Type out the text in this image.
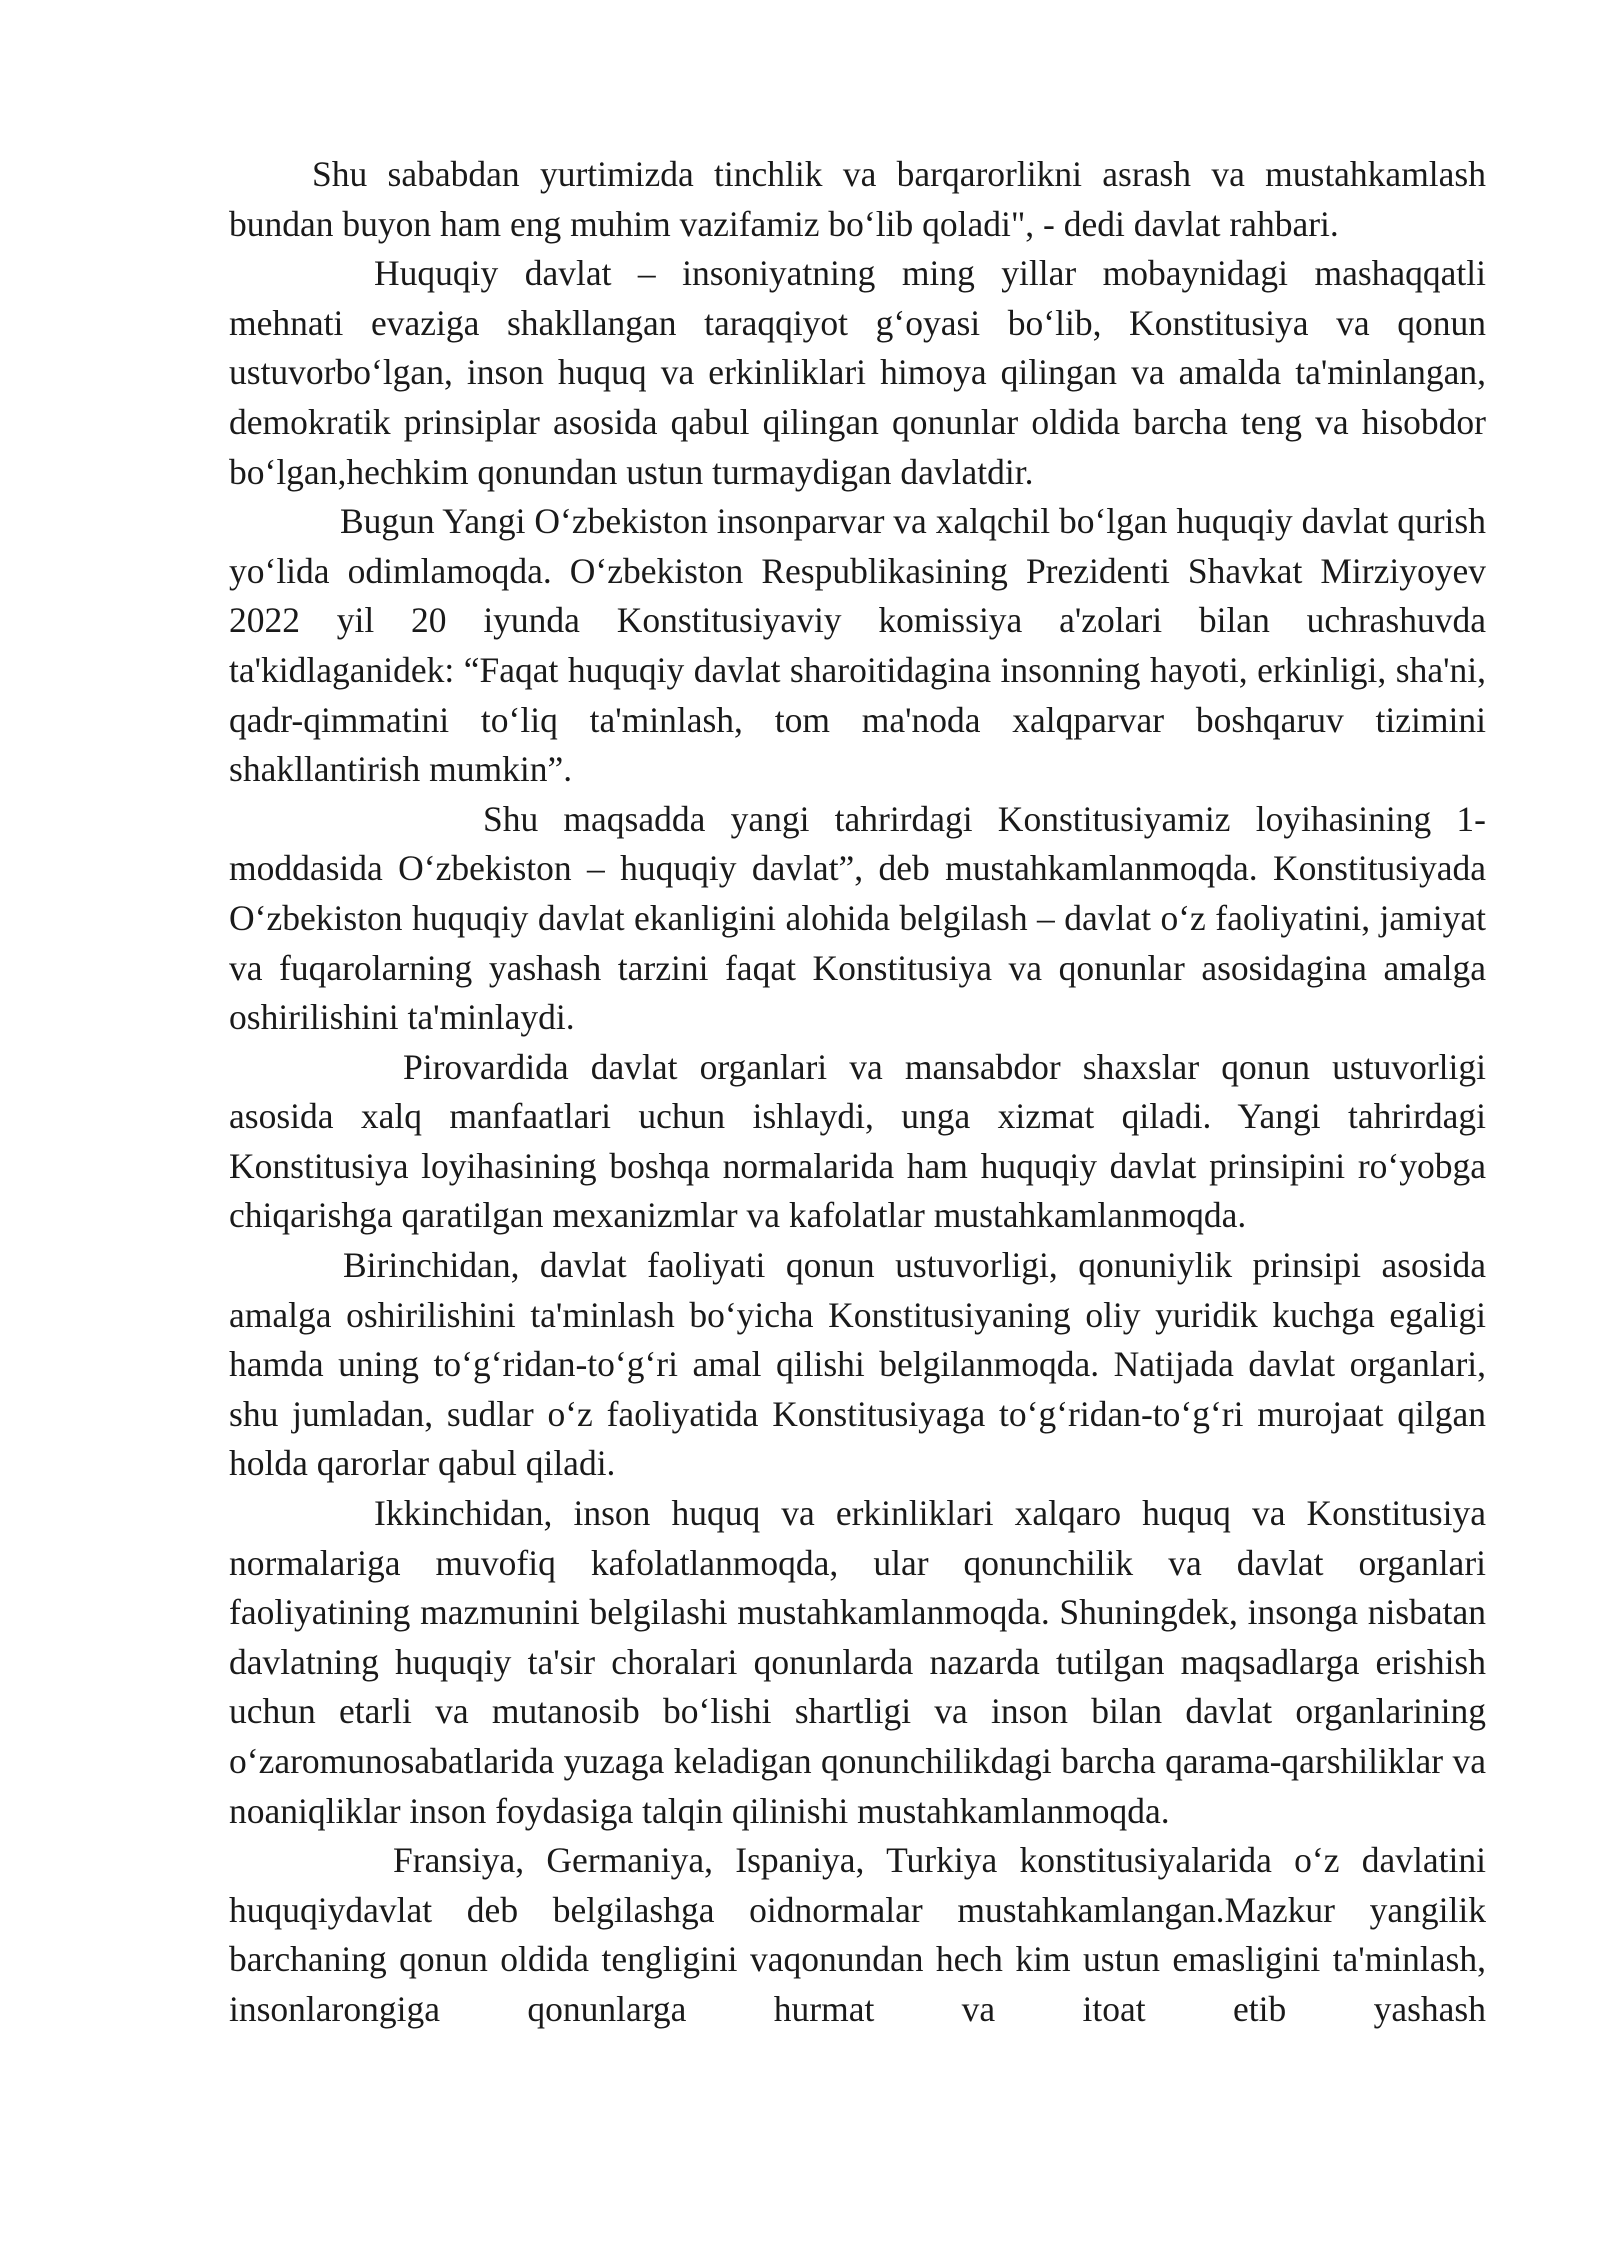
Shu sababdan yurtimizda tinchlik va barqarorlikni asrash va mustahkamlash bundan buyon ham eng muhim vazifamiz bo‘lib qoladi", - dedi davlat rahbari.

Huquqiy davlat – insoniyatning ming yillar mobaynidagi mashaqqatli mehnati evaziga shakllangan taraqqiyot g‘oyasi bo‘lib, Konstitusiya va qonun ustuvorbo‘lgan, inson huquq va erkinliklari himoya qilingan va amalda ta'minlangan, demokratik prinsiplar asosida qabul qilingan qonunlar oldida barcha teng va hisobdor bo‘lgan,hechkim qonundan ustun turmaydigan davlatdir.

Bugun Yangi O‘zbekiston insonparvar va xalqchil bo‘lgan huquqiy davlat qurish yo‘lida odimlamoqda. O‘zbekiston Respublikasining Prezidenti Shavkat Mirziyoyev 2022 yil 20 iyunda Konstitusiyaviy komissiya a'zolari bilan uchrashuvda ta'kidlaganidek: “Faqat huquqiy davlat sharoitidagina insonning hayoti, erkinligi, sha'ni, qadr-qimmatini to‘liq ta'minlash, tom ma'noda xalqparvar boshqaruv tizimini shakllantirish mumkin”.

Shu maqsadda yangi tahrirdagi Konstitusiyamiz loyihasining 1-moddasida O‘zbekiston – huquqiy davlat”, deb mustahkamlanmoqda. Konstitusiyada O‘zbekiston huquqiy davlat ekanligini alohida belgilash – davlat o‘z faoliyatini, jamiyat va fuqarolarning yashash tarzini faqat Konstitusiya va qonunlar asosidagina amalga oshirilishini ta'minlaydi.

Pirovardida davlat organlari va mansabdor shaxslar qonun ustuvorligi asosida xalq manfaatlari uchun ishlaydi, unga xizmat qiladi. Yangi tahrirdagi Konstitusiya loyihasining boshqa normalarida ham huquqiy davlat prinsipini ro‘yobga chiqarishga qaratilgan mexanizmlar va kafolatlar mustahkamlanmoqda.

Birinchidan, davlat faoliyati qonun ustuvorligi, qonuniylik prinsipi asosida amalga oshirilishini ta'minlash bo‘yicha Konstitusiyaning oliy yuridik kuchga egaligi hamda uning to‘g‘ridan-to‘g‘ri amal qilishi belgilanmoqda. Natijada davlat organlari, shu jumladan, sudlar o‘z faoliyatida Konstitusiyaga to‘g‘ridan-to‘g‘ri murojaat qilgan holda qarorlar qabul qiladi.

Ikkinchidan, inson huquq va erkinliklari xalqaro huquq va Konstitusiya normalariga muvofiq kafolatlanmoqda, ular qonunchilik va davlat organlari faoliyatining mazmunini belgilashi mustahkamlanmoqda. Shuningdek, insonga nisbatan davlatning huquqiy ta'sir choralari qonunlarda nazarda tutilgan maqsadlarga erishish uchun etarli va mutanosib bo‘lishi shartligi va inson bilan davlat organlarining o‘zaromunosabatlarida yuzaga keladigan qonunchilikdagi barcha qarama-qarshiliklar va noaniqliklar inson foydasiga talqin qilinishi mustahkamlanmoqda.

Fransiya, Germaniya, Ispaniya, Turkiya konstitusiyalarida o‘z davlatini huquqiydavlat deb belgilashga oidnormalar mustahkamlangan.Mazkur yangilik barchaning qonun oldida tengligini vaqonundan hech kim ustun emasligini ta'minlash, insonlarongiga qonunlarga hurmat va itoat etib yashash
